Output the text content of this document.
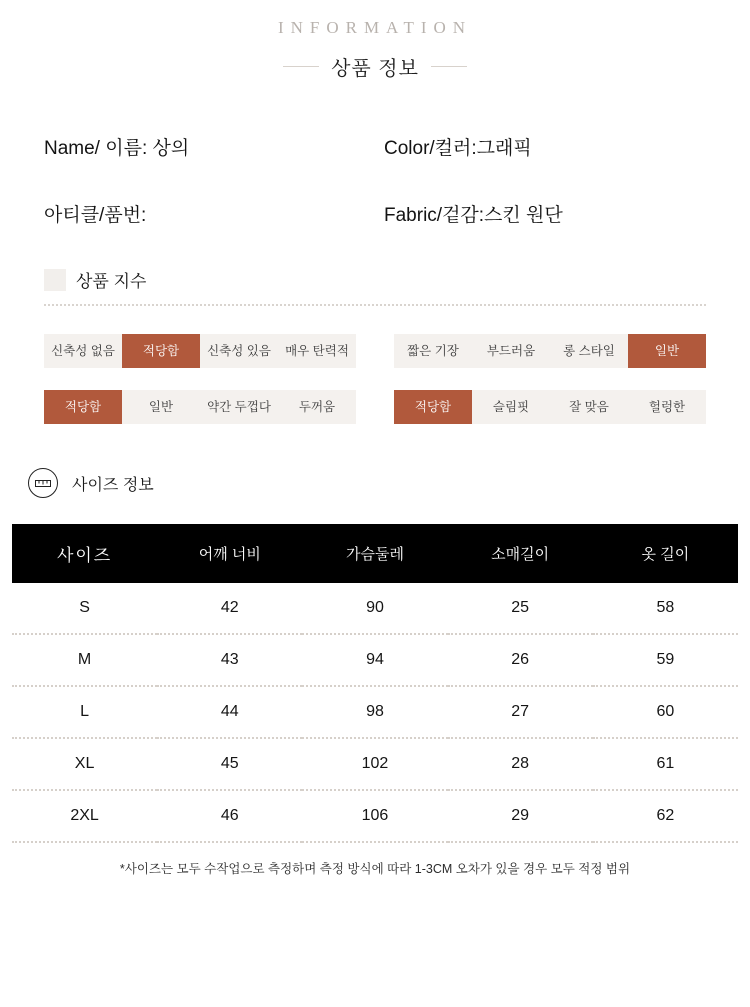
INFORMATION
상품 정보
Name/ 이름: 상의	Color/컬러:그래픽
아티클/품번:	Fabric/겉감:스킨 원단
상품 지수
신축성 없음	적당함	신축성 있음	매우 탄력적	짧은 기장	부드러움	롱 스타일	일반
적당함	일반	약간 두껍다	두꺼움	적당함	슬림핏	잘 맞음	헐렁한
사이즈 정보
사이즈	어깨 너비	가슴둘레	소매길이	옷 길이
S	42	90	25	58
M	43	94	26	59
L	44	98	27	60
XL	45	102	28	61
2XL	46	106	29	62
*사이즈는 모두 수작업으로 측정하며 측정 방식에 따라 1-3CM 오차가 있을 경우 모두 적정 범위
